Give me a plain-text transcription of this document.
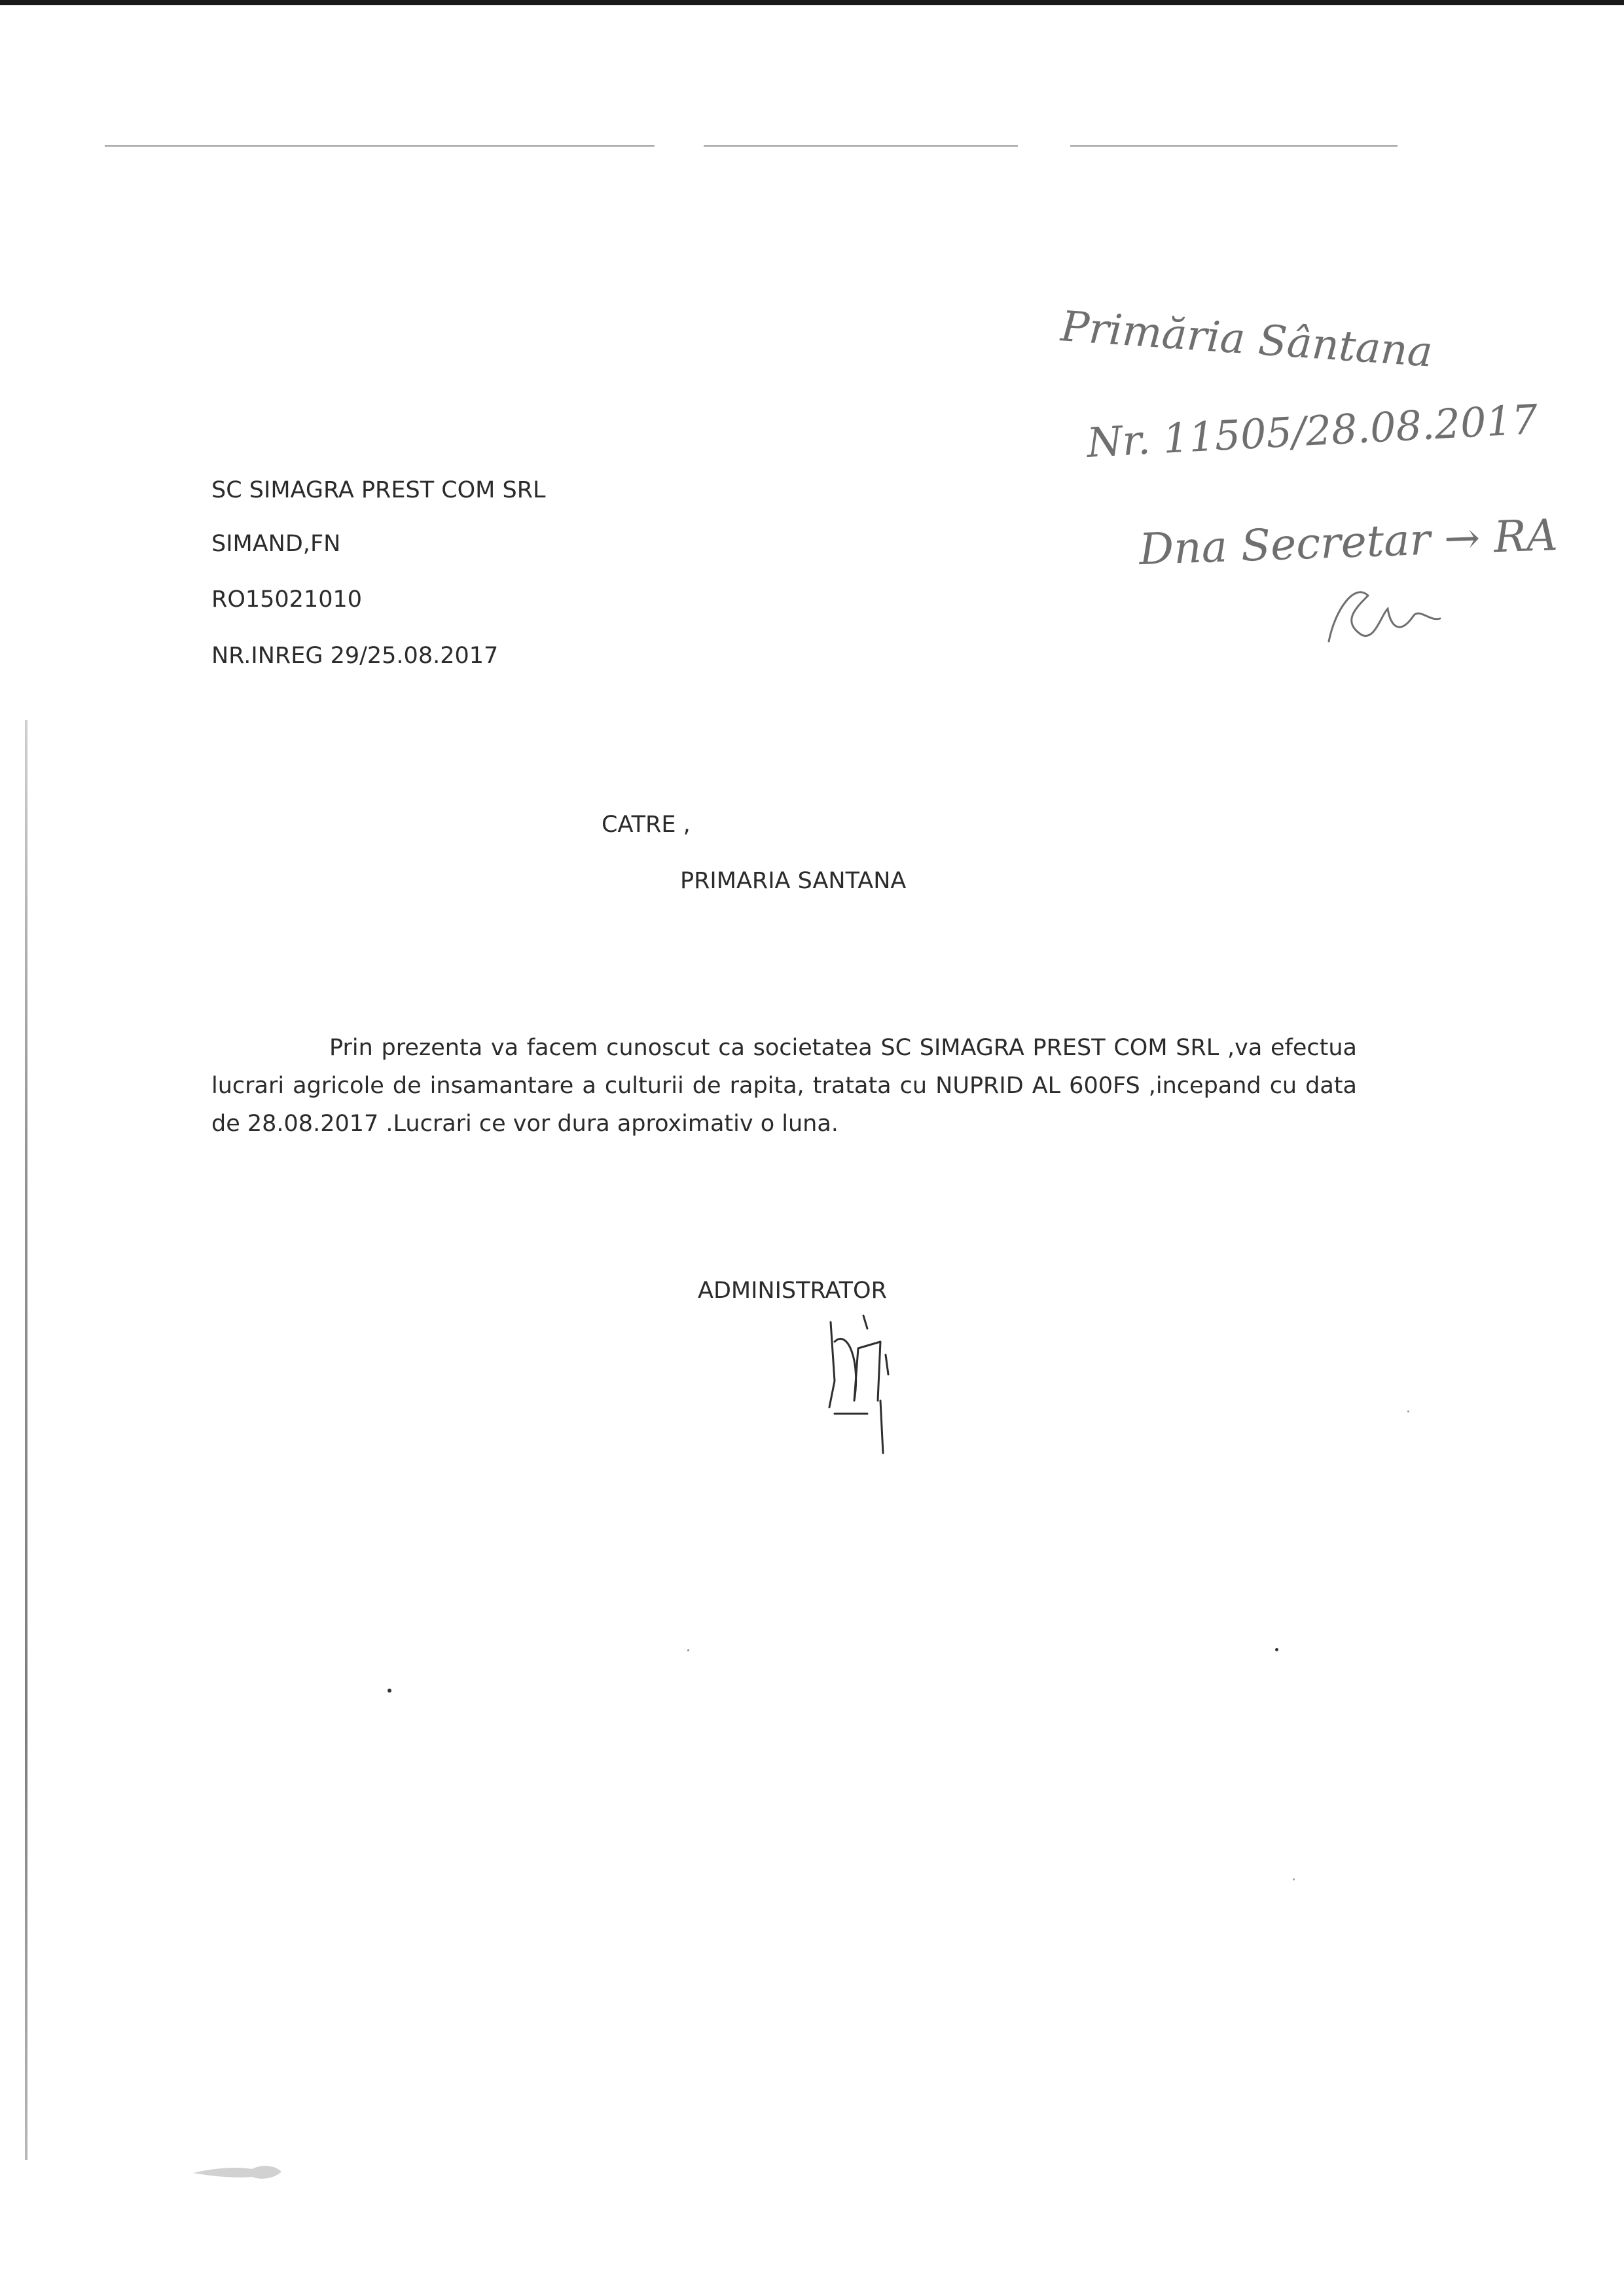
SC SIMAGRA PREST COM SRL

SIMAND,FN

RO15021010

NR.INREG 29/25.08.2017

CATRE ,

PRIMARIA SANTANA

Prin prezenta va facem cunoscut ca societatea SC SIMAGRA PREST COM SRL ,va efectua lucrari agricole de insamantare a culturii de rapita, tratata cu NUPRID AL 600FS ,incepand cu data de 28.08.2017 .Lucrari ce vor dura aproximativ o luna.

ADMINISTRATOR

Primăria Sântana

Nr. 11505/28.08.2017

Dna Secretar → RA
